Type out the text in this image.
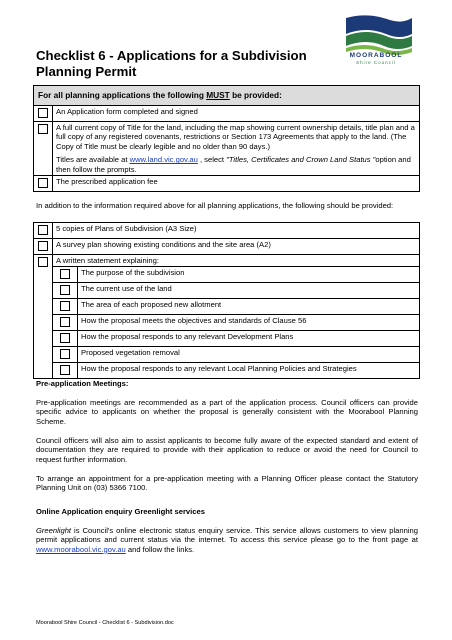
MOORABOOL
Shire Council
Checklist 6 - Applications for a Subdivision
Planning Permit
For all planning applications the following MUST be provided:
	An Application form completed and signed

	A full current copy of Title for the land, including the map showing current ownership details, title plan and a full copy of any registered covenants, restrictions or Section 173 Agreements that apply to the land. (The Copy of Title must be clearly legible and no older than 90 days.)
Titles are available at www.land.vic.gov.au , select "Titles, Certificates and Crown Land Status "option and then follow the prompts.

	The prescribed application fee
In addition to the information required above for all planning applications, the following should be provided:
	5 copies of Plans of Subdivision (A3 Size)
	A survey plan showing existing conditions and the site area (A2)

A written statement explaining:
	The purpose of the subdivision
	The current use of the land
	The area of each proposed new allotment
	How the proposal meets the objectives and standards of Clause 56
	How the proposal responds to any relevant Development Plans
	Proposed vegetation removal
	How the proposal responds to any relevant Local Planning Policies and Strategies
Pre-application Meetings:
Pre-application meetings are recommended as a part of the application process. Council officers can provide specific advice to applicants on whether the proposal is generally consistent with the Moorabool Planning Scheme.
Council officers will also aim to assist applicants to become fully aware of the expected standard and extent of documentation they are required to provide with their application to reduce or avoid the need for Council to request further information.
To arrange an appointment for a pre-application meeting with a Planning Officer please contact the Statutory Planning Unit on (03) 5366 7100.
Online Application enquiry Greenlight services
Greenlight is Council's online electronic status enquiry service. This service allows customers to view planning permit applications and current status via the internet. To access this service please go to the front page at www.moorabool.vic.gov.au and follow the links.
Moorabool Shire Council - Checklist 6 - Subdivision.doc
